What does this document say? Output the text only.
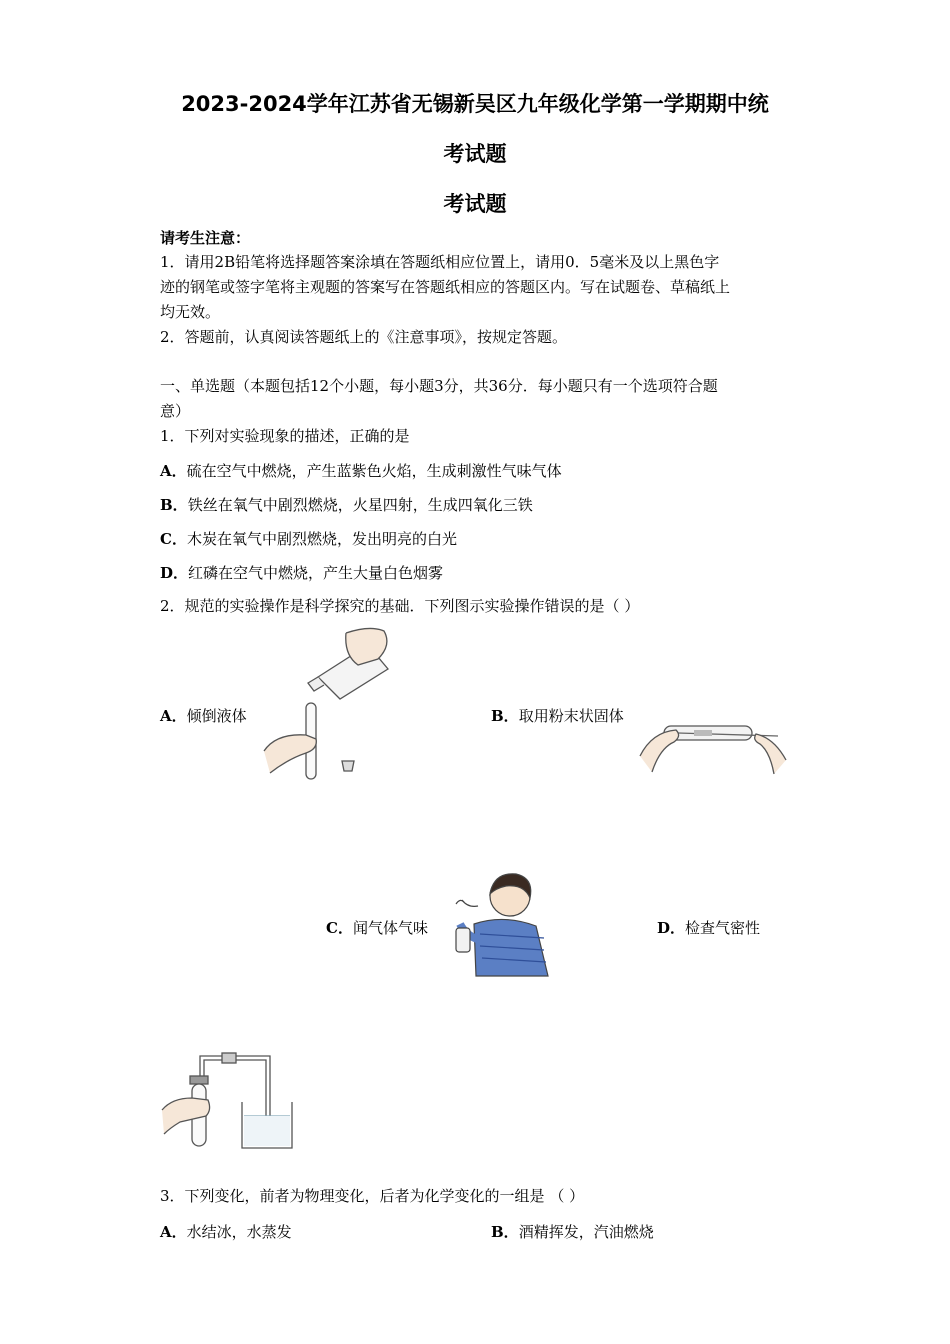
2023-2024学年江苏省无锡新吴区九年级化学第一学期期中统
考试题
考试题
请考生注意：
1．请用2B铅笔将选择题答案涂填在答题纸相应位置上，请用0．5毫米及以上黑色字
迹的钢笔或签字笔将主观题的答案写在答题纸相应的答题区内。写在试题卷、草稿纸上
均无效。
2．答题前，认真阅读答题纸上的《注意事项》，按规定答题。
一、单选题（本题包括12个小题，每小题3分，共36分．每小题只有一个选项符合题
意）
1．下列对实验现象的描述，正确的是
A．硫在空气中燃烧，产生蓝紫色火焰，生成刺激性气味气体
B．铁丝在氧气中剧烈燃烧，火星四射，生成四氧化三铁
C．木炭在氧气中剧烈燃烧，发出明亮的白光
D．红磷在空气中燃烧，产生大量白色烟雾
2．规范的实验操作是科学探究的基础．下列图示实验操作错误的是（ ）
A．倾倒液体	B．取用粉末状固体
C．闻气体气味	D．检查气密性
3．下列变化，前者为物理变化，后者为化学变化的一组是 （ ）
A．水结冰，水蒸发	B．酒精挥发，汽油燃烧
